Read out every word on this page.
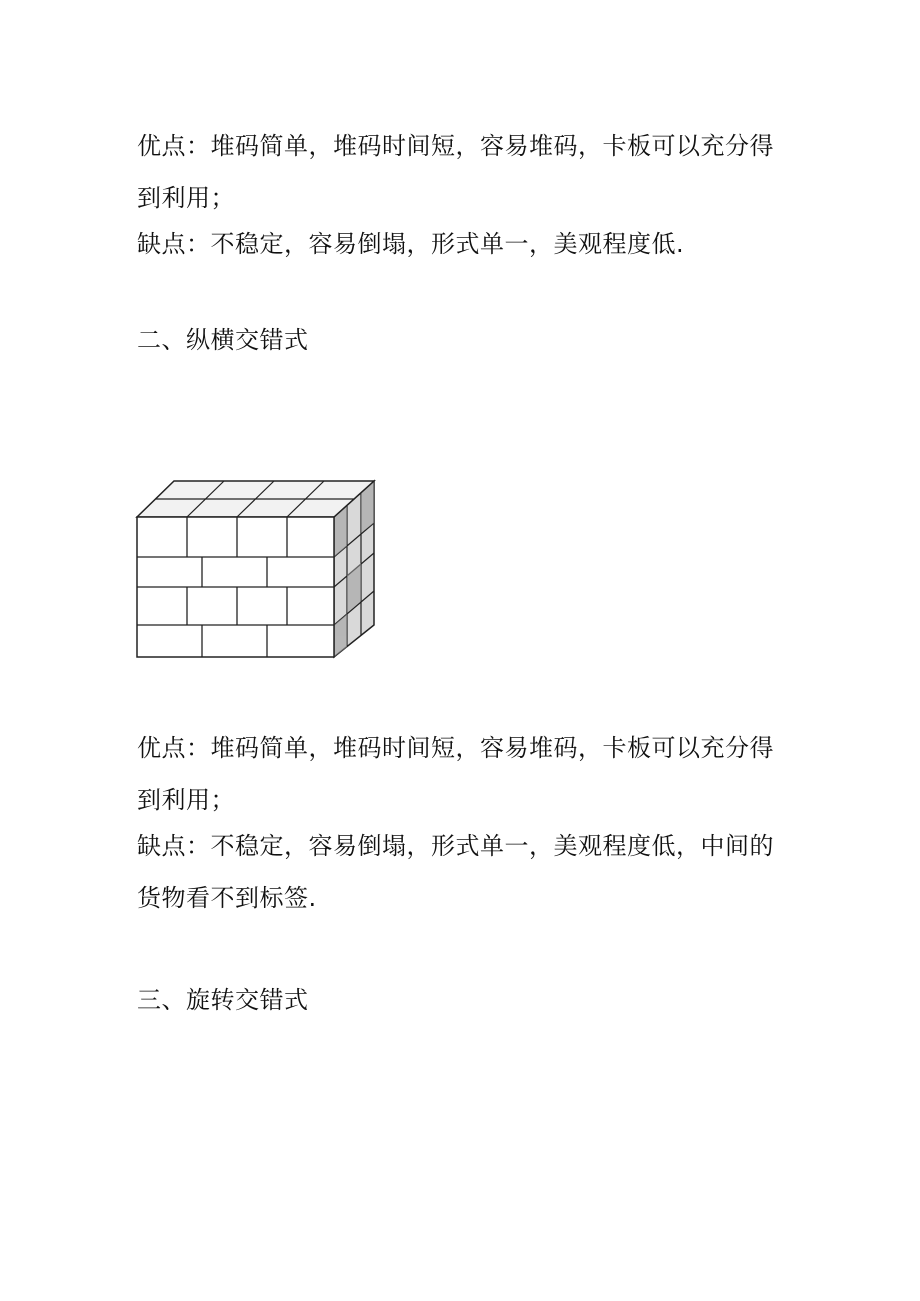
优点：堆码简单，堆码时间短，容易堆码，卡板可以充分得到利用；

缺点：不稳定，容易倒塌，形式单一，美观程度低.

二、纵横交错式

优点：堆码简单，堆码时间短，容易堆码，卡板可以充分得到利用；

缺点：不稳定，容易倒塌，形式单一，美观程度低，中间的货物看不到标签.

三、旋转交错式
